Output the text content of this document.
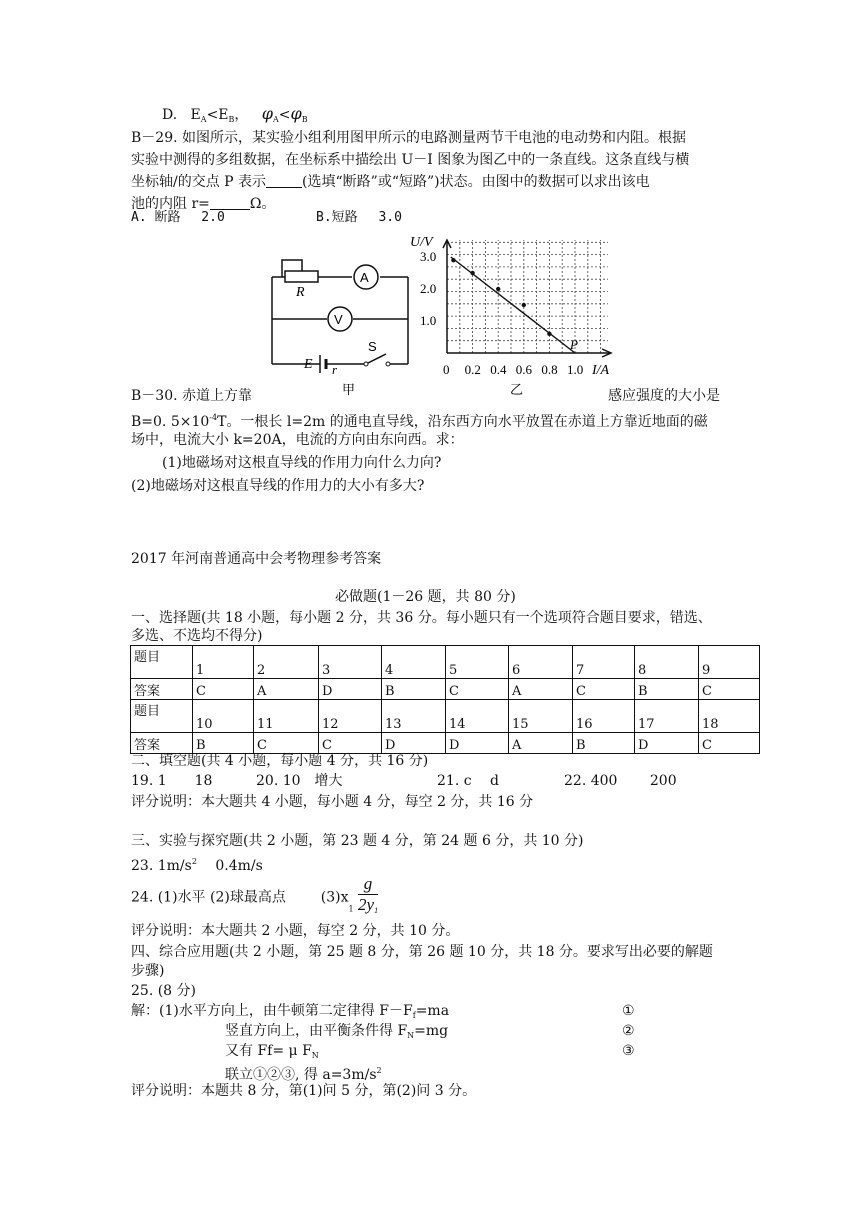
D. $E_A<E_B$， $\varphi_A<\varphi_B$
B－29. 如图所示，某实验小组利用图甲所示的电路测量两节干电池的电动势和内阻。根据
实验中测得的多组数据，在坐标系中描绘出 U－I 图象为图乙中的一条直线。这条直线与横
坐标轴/的交点 P 表示	(选填“断路”或“短路”)状态。由图中的数据可以求出该电
池的内阻 r=	Ω。
A. 断路　 2.0	B.短路　 3.0
A
V
R
S
E r
甲
3.0
2.0
1.0
0 0.2 0.4 0.6 0.8 1.0
U/V
I/A
P
乙
B－30. 赤道上方靠	感应强度的大小是
B=0. $5\times 10^{-4}T$。一根长 l=2m 的通电直导线，沿东西方向水平放置在赤道上方靠近地面的磁
场中，电流大小 k=20A，电流的方向由东向西。求：
(1)地磁场对这根直导线的作用力向什么力向?
(2)地磁场对这根直导线的作用力的大小有多大?
2017 年河南普通高中会考物理参考答案
必做题(1－26 题，共 80 分)
一、选择题(共 18 小题，每小题 2 分，共 36 分。每小题只有一个选项符合题目要求，错选、
多选、不选均不得分)
题目	1	2	3	4	5	6	7	8	9
答案	C	A	D	B	C	A	C	B	C
题目	10	11	12	13	14	15	16	17	18
答案	B	C	C	D	D	A	B	D	C
二、填空题(共 4 小题，每小题 4 分，共 16 分)
19. 1　　18	20. 10　增大	21. c　 d	22. 400　　 200
评分说明：本大题共 4 小题，每小题 4 分，每空 2 分，共 16 分
三、实验与探究题(共 2 小题，第 23 题 4 分，第 24 题 6 分，共 10 分)
23. $1m/s^2$　 0.4m/s
24. (1)水平 (2)球最高点 $(3)x_1 \frac{g}{2y1}$
评分说明：本大题共 2 小题，每空 2 分，共 10 分。
四、综合应用题(共 2 小题，第 25 题 8 分，第 26 题 10 分，共 18 分。要求写出必要的解题
步骤)
25. (8 分)
解：(1)水平方向上，由牛顿第二定律得 $F-F_f=ma$	①
竖直方向上，由平衡条件得 $F_N=mg$	②
又有 Ff= μ $F_N$	③
联立①②③, 得 $a=3m/s^2$
评分说明：本题共 8 分，第(1)问 5 分，第(2)问 3 分。
